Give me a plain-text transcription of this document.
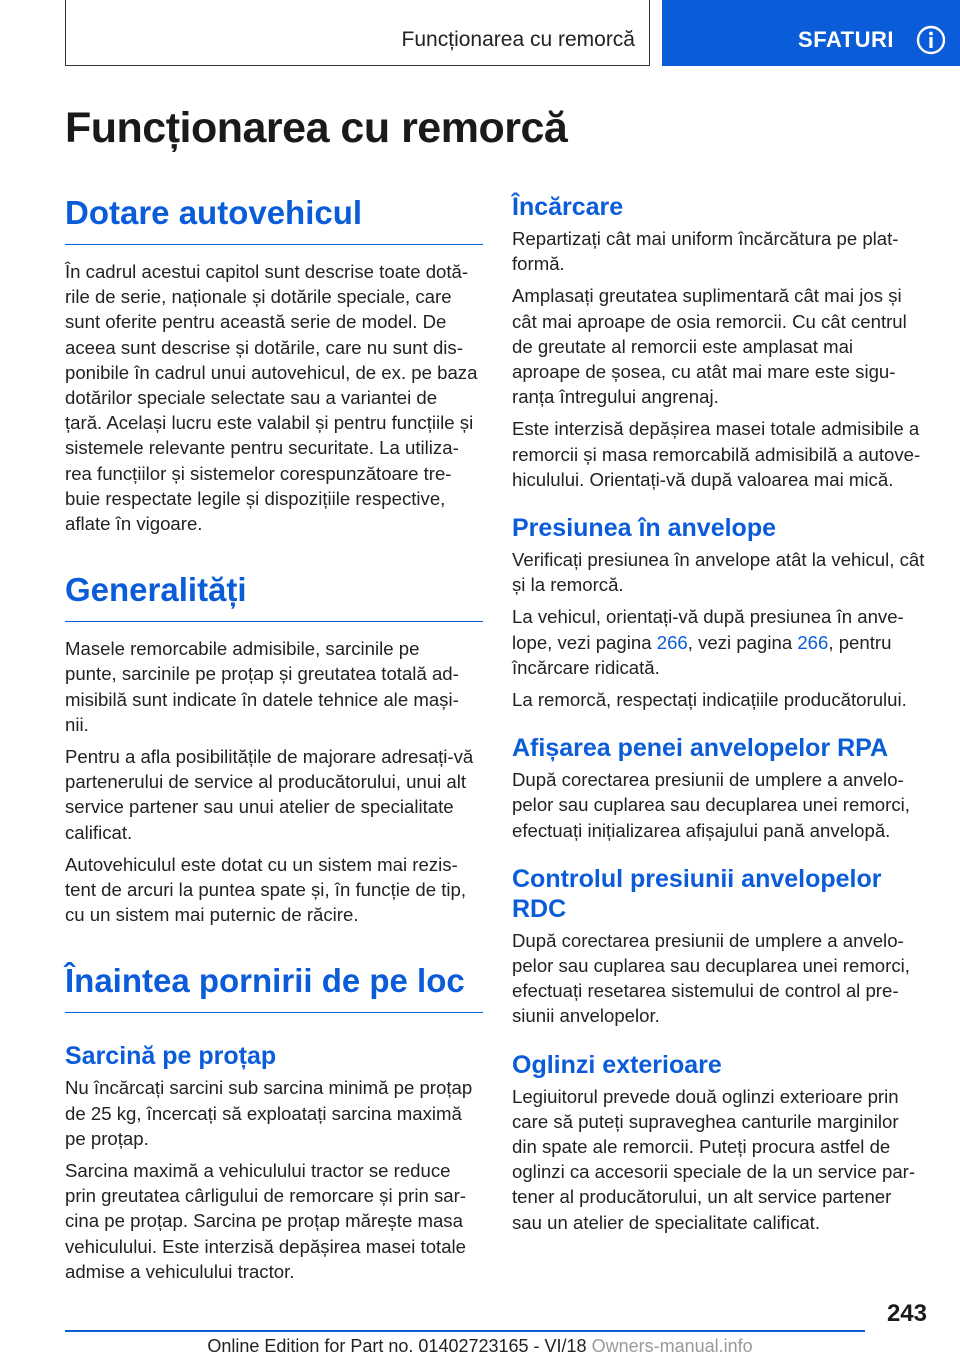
Funcționarea cu remorcă	SFATURI
Funcționarea cu remorcă
Dotare autovehicul

În cadrul acestui capitol sunt descrise toate dotă-
rile de serie, naționale și dotările speciale, care
sunt oferite pentru această serie de model. De
aceea sunt descrise și dotările, care nu sunt dis-
ponibile în cadrul unui autovehicul, de ex. pe baza
dotărilor speciale selectate sau a variantei de
țară. Același lucru este valabil și pentru funcțiile și
sistemele relevante pentru securitate. La utiliza-
rea funcțiilor și sistemelor corespunzătoare tre-
buie respectate legile și dispozițiile respective,
aflate în vigoare.

Generalități

Masele remorcabile admisibile, sarcinile pe
punte, sarcinile pe proțap și greutatea totală ad-
misibilă sunt indicate în datele tehnice ale mași-
nii.

Pentru a afla posibilitățile de majorare adresați-vă
partenerului de service al producătorului, unui alt
service partener sau unui atelier de specialitate
calificat.

Autovehiculul este dotat cu un sistem mai rezis-
tent de arcuri la puntea spate și, în funcție de tip,
cu un sistem mai puternic de răcire.

Înaintea pornirii de pe loc
Sarcină pe proțap

Nu încărcați sarcini sub sarcina minimă pe proțap
de 25 kg, încercați să exploatați sarcina maximă
pe proțap.

Sarcina maximă a vehiculului tractor se reduce
prin greutatea cârligului de remorcare și prin sar-
cina pe proțap. Sarcina pe proțap mărește masa
vehiculului. Este interzisă depășirea masei totale
admise a vehiculului tractor.

Încărcare

Repartizați cât mai uniform încărcătura pe plat-
formă.

Amplasați greutatea suplimentară cât mai jos și
cât mai aproape de osia remorcii. Cu cât centrul
de greutate al remorcii este amplasat mai
aproape de șosea, cu atât mai mare este sigu-
ranța întregului angrenaj.

Este interzisă depășirea masei totale admisibile a
remorcii și masa remorcabilă admisibilă a autove-
hiculului. Orientați-vă după valoarea mai mică.

Presiunea în anvelope

Verificați presiunea în anvelope atât la vehicul, cât
și la remorcă.

La vehicul, orientați-vă după presiunea în anve-
lope, vezi pagina 266, vezi pagina 266, pentru
încărcare ridicată.

La remorcă, respectați indicațiile producătorului.

Afișarea penei anvelopelor RPA

După corectarea presiunii de umplere a anvelo-
pelor sau cuplarea sau decuplarea unei remorci,
efectuați inițializarea afișajului pană anvelopă.

Controlul presiunii anvelopelor
RDC

După corectarea presiunii de umplere a anvelo-
pelor sau cuplarea sau decuplarea unei remorci,
efectuați resetarea sistemului de control al pre-
siunii anvelopelor.

Oglinzi exterioare

Legiuitorul prevede două oglinzi exterioare prin
care să puteți supraveghea canturile marginilor
din spate ale remorcii. Puteți procura astfel de
oglinzi ca accesorii speciale de la un service par-
tener al producătorului, un alt service partener
sau un atelier de specialitate calificat.

243
Online Edition for Part no. 01402723165 - VI/18 Owners-manual.info
